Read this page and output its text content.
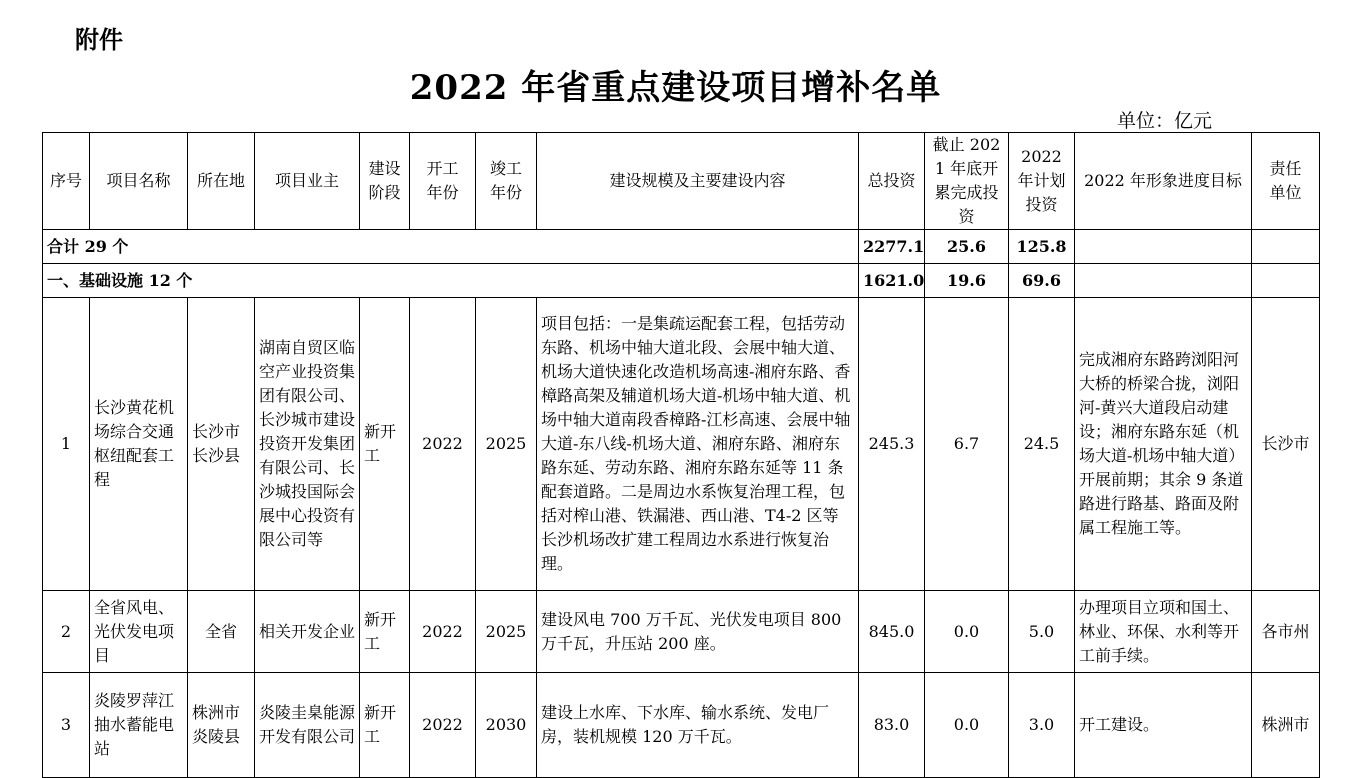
附件
2022 年省重点建设项目增补名单
单位：亿元
序号	项目名称	所在地	项目业主	建设阶段	开工年份	竣工年份	建设规模及主要建设内容	总投资	截止 2021 年底开累完成投资	2022 年计划投资	2022 年形象进度目标	责任单位
合计 29 个								2277.1	25.6	125.8		
一、基础设施 12 个								1621.0	19.6	69.6		
1	长沙黄花机场综合交通枢纽配套工程	长沙市长沙县	湖南自贸区临空产业投资集团有限公司、长沙城市建设投资开发集团有限公司、长沙城投国际会展中心投资有限公司等	新开工	2022	2025	项目包括：一是集疏运配套工程，包括劳动东路、机场中轴大道北段、会展中轴大道、机场大道快速化改造机场高速-湘府东路、香樟路高架及辅道机场大道-机场中轴大道、机场中轴大道南段香樟路-江杉高速、会展中轴大道-东八线-机场大道、湘府东路、湘府东路东延、劳动东路、湘府东路东延等 11 条配套道路。二是周边水系恢复治理工程，包括对榨山港、铁漏港、西山港、T4-2 区等长沙机场改扩建工程周边水系进行恢复治理。	245.3	6.7	24.5	完成湘府东路跨浏阳河大桥的桥梁合拢，浏阳河-黄兴大道段启动建设；湘府东路东延（机场大道-机场中轴大道）开展前期；其余 9 条道路进行路基、路面及附属工程施工等。	长沙市
2	全省风电、光伏发电项目	全省	相关开发企业	新开工	2022	2025	建设风电 700 万千瓦、光伏发电项目 800 万千瓦，升压站 200 座。	845.0	0.0	5.0	办理项目立项和国土、林业、环保、水利等开工前手续。	各市州
3	炎陵罗萍江抽水蓄能电站	株洲市炎陵县	炎陵圭臬能源开发有限公司	新开工	2022	2030	建设上水库、下水库、输水系统、发电厂房，装机规模 120 万千瓦。	83.0	0.0	3.0	开工建设。	株洲市
